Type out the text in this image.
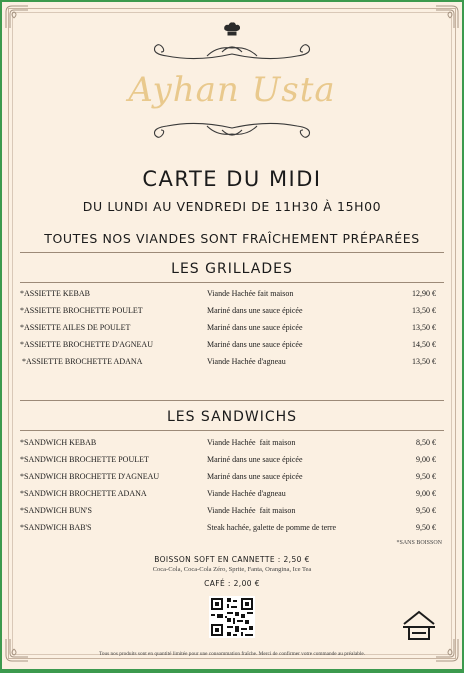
Ayhan Usta
CARTE DU MIDI
DU LUNDI AU VENDREDI DE 11H30 À 15H00
TOUTES NOS VIANDES SONT FRAÎCHEMENT PRÉPARÉES
LES GRILLADES
*ASSIETTE KEBAB	Viande Hachée fait maison	12,90 €
*ASSIETTE BROCHETTE POULET	Mariné dans une sauce épicée	13,50 €
*ASSIETTE AILES DE POULET	Mariné dans une sauce épicée	13,50 €
*ASSIETTE BROCHETTE D'AGNEAU	Mariné dans une sauce épicée	14,50 €
*ASSIETTE BROCHETTE ADANA	Viande Hachée d'agneau	13,50 €
LES SANDWICHS
*SANDWICH KEBAB	Viande Hachée  fait maison	8,50 €
*SANDWICH BROCHETTE POULET	Mariné dans une sauce épicée	9,00 €
*SANDWICH BROCHETTE D'AGNEAU	Mariné dans une sauce épicée	9,50 €
*SANDWICH BROCHETTE ADANA	Viande Hachée d'agneau	9,00 €
*SANDWICH BUN'S	Viande Hachée  fait maison	9,50 €
*SANDWICH BAB'S	Steak hachée, galette de pomme de terre	9,50 €
*SANS BOISSON
BOISSON SOFT EN CANNETTE : 2,50 €
Coca-Cola, Coca-Cola Zéro, Sprite, Fanta, Orangina, Ice Tea
CAFÉ : 2,00 €
Tous nos produits sont en quantité limitée pour une consommation fraîche. Merci de confirmer votre commande au préalable.
